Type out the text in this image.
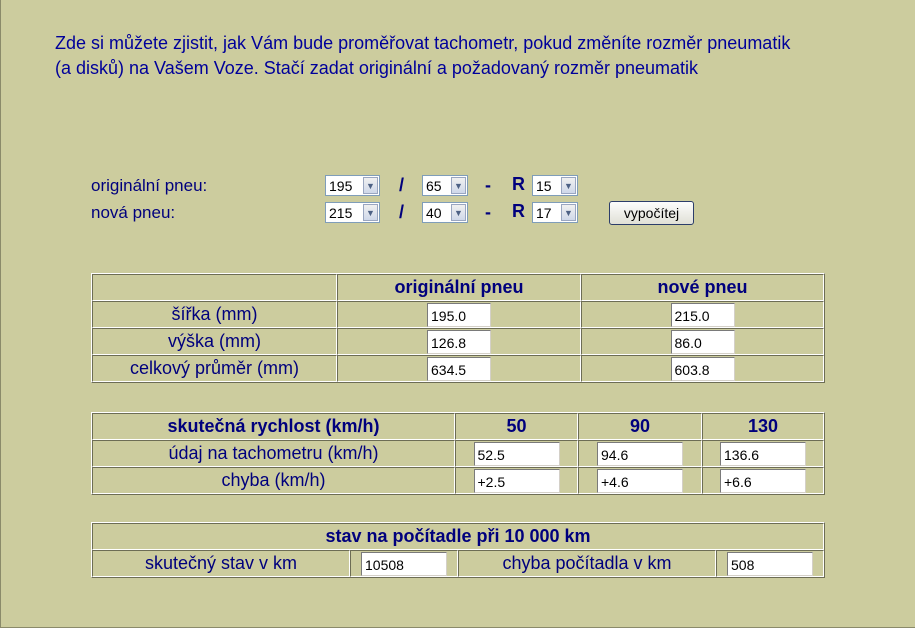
Zde si můžete zjistit, jak Vám bude proměřovat tachometr, pokud změníte rozměr pneumatik
(a disků) na Vašem Voze. Stačí zadat originální a požadovaný rozměr pneumatik
originální pneu:	195	▼ / 65	▼ - R 15	▼
nová pneu:	215	▼ / 40	▼ - R 17	▼	vypočítej
	originální pneu	nové pneu
šířka (mm)	195.0	215.0
výška (mm)	126.8	86.0
celkový průměr (mm)	634.5	603.8
skutečná rychlost (km/h)	50	90	130
údaj na tachometru (km/h)	52.5	94.6	136.6
chyba (km/h)	+2.5	+4.6	+6.6
stav na počítadle při 10 000 km
skutečný stav v km	10508	chyba počítadla v km	508
